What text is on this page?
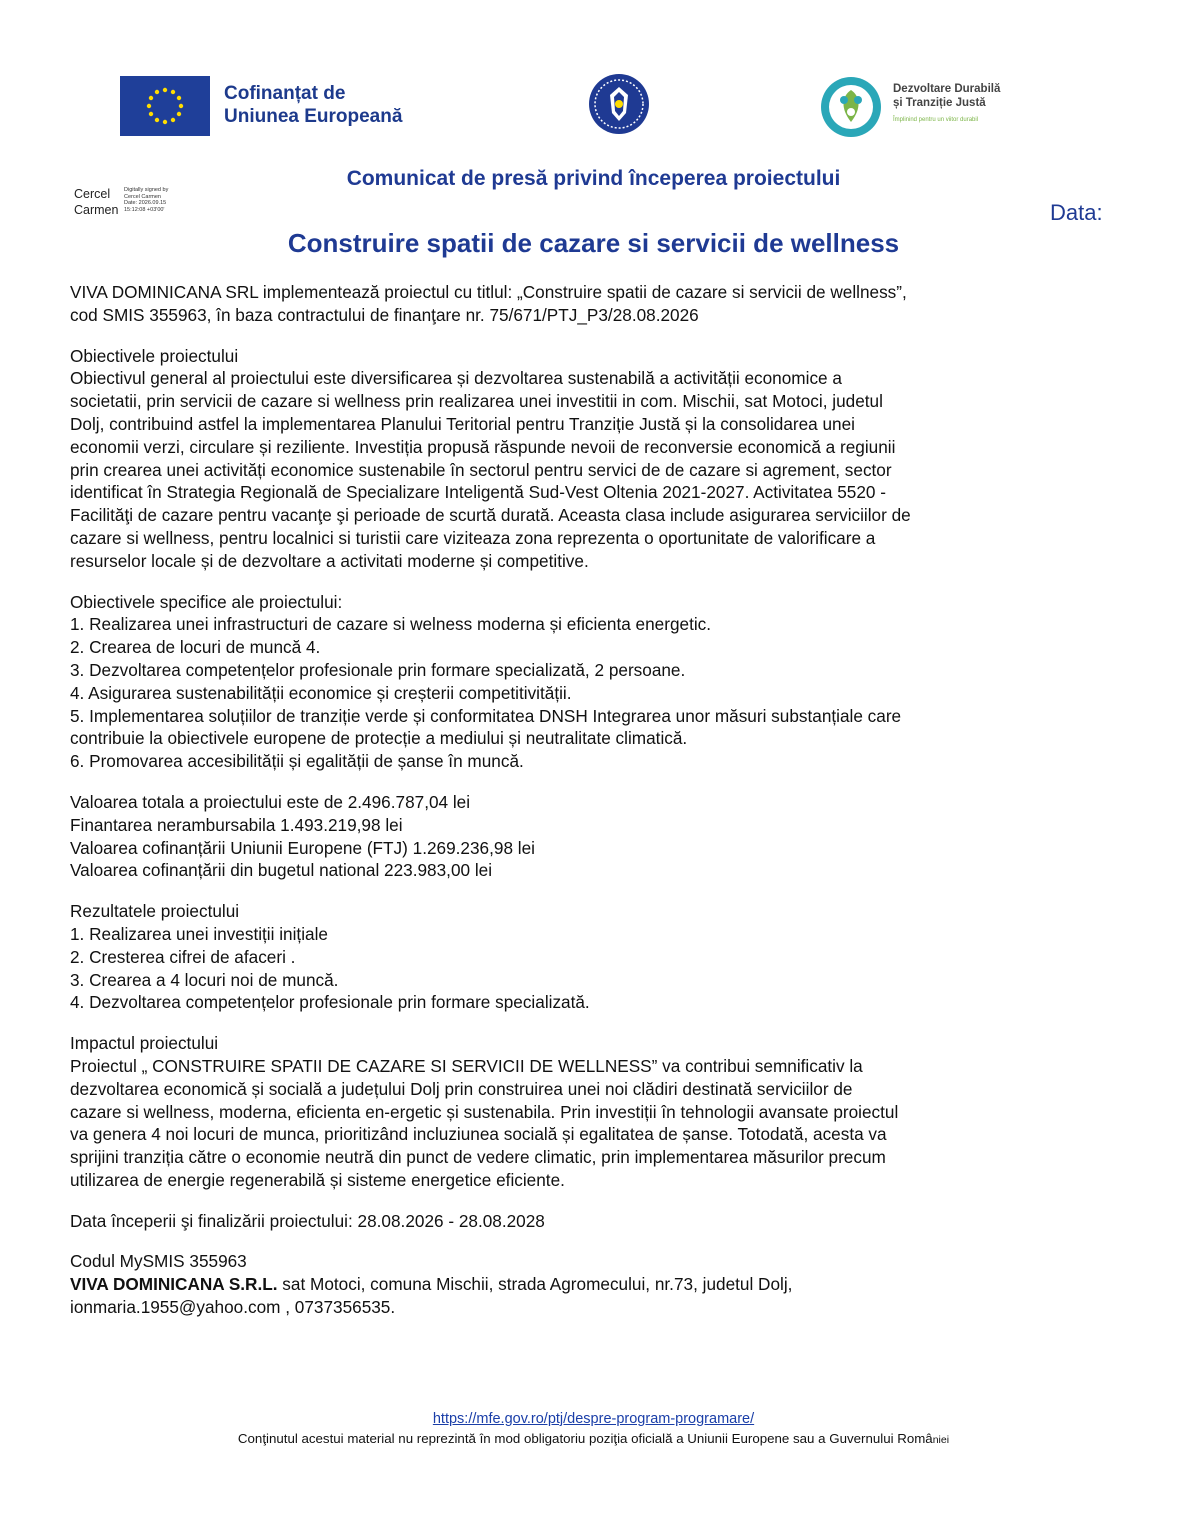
Cofinanțat de
Uniunea Europeană
Dezvoltare Durabilă
și Tranziție Justă
Împlinind pentru un viitor durabil
Cercel
Carmen
Digitally signed by
Cercel Carmen
Date: 2026.09.15
15:12:08 +03'00'
Comunicat de presă privind începerea proiectului
Data:
Construire spatii de cazare si servicii de wellness

VIVA DOMINICANA SRL implementează proiectul cu titlul: „Construire spatii de cazare si servicii de wellness”,

cod SMIS 355963, în baza contractului de finanţare nr. 75/671/PTJ_P3/28.08.2026

Obiectivele proiectului

Obiectivul general al proiectului este diversificarea și dezvoltarea sustenabilă a activității economice a

societatii, prin servicii de cazare si wellness prin realizarea unei investitii in com. Mischii, sat Motoci, judetul

Dolj, contribuind astfel la implementarea Planului Teritorial pentru Tranziție Justă și la consolidarea unei

economii verzi, circulare și reziliente. Investiția propusă răspunde nevoii de reconversie economică a regiunii

prin crearea unei activități economice sustenabile în sectorul pentru servici de de cazare si agrement, sector

identificat în Strategia Regională de Specializare Inteligentă Sud-Vest Oltenia 2021-2027. Activitatea 5520 -

Facilităţi de cazare pentru vacanţe şi perioade de scurtă durată. Aceasta clasa include asigurarea serviciilor de

cazare si wellness, pentru localnici si turistii care viziteaza zona reprezenta o oportunitate de valorificare a

resurselor locale și de dezvoltare a activitati moderne și competitive.

Obiectivele specifice ale proiectului:

1. Realizarea unei infrastructuri de cazare si welness moderna și eficienta energetic.

2. Crearea de locuri de muncă 4.

3. Dezvoltarea competențelor profesionale prin formare specializată, 2 persoane.

4. Asigurarea sustenabilității economice și creșterii competitivității.

5. Implementarea soluțiilor de tranziție verde și conformitatea DNSH Integrarea unor măsuri substanțiale care

contribuie la obiectivele europene de protecție a mediului și neutralitate climatică.

6. Promovarea accesibilității și egalității de șanse în muncă.

Valoarea totala a proiectului este de 2.496.787,04 lei

Finantarea nerambursabila 1.493.219,98 lei

Valoarea cofinanțării Uniunii Europene (FTJ) 1.269.236,98 lei

Valoarea cofinanțării din bugetul national 223.983,00 lei

Rezultatele proiectului

1. Realizarea unei investiții inițiale

2. Cresterea cifrei de afaceri .

3. Crearea a 4 locuri noi de muncă.

4. Dezvoltarea competențelor profesionale prin formare specializată.

Impactul proiectului

Proiectul „ CONSTRUIRE SPATII DE CAZARE SI SERVICII DE WELLNESS” va contribui semnificativ la

dezvoltarea economică și socială a județului Dolj prin construirea unei noi clădiri destinată serviciilor de

cazare si wellness, moderna, eficienta en-ergetic și sustenabila. Prin investiții în tehnologii avansate proiectul

va genera 4 noi locuri de munca, prioritizând incluziunea socială și egalitatea de șanse. Totodată, acesta va

sprijini tranziția către o economie neutră din punct de vedere climatic, prin implementarea măsurilor precum

utilizarea de energie regenerabilă și sisteme energetice eficiente.

Data începerii şi finalizării proiectului: 28.08.2026 - 28.08.2028

Codul MySMIS 355963

VIVA DOMINICANA S.R.L. sat Motoci, comuna Mischii, strada Agromecului, nr.73, judetul Dolj,

ionmaria.1955@yahoo.com , 0737356535.

https://mfe.gov.ro/ptj/despre-program-programare/
Conţinutul acestui material nu reprezintă în mod obligatoriu poziţia oficială a Uniunii Europene sau a Guvernului României
